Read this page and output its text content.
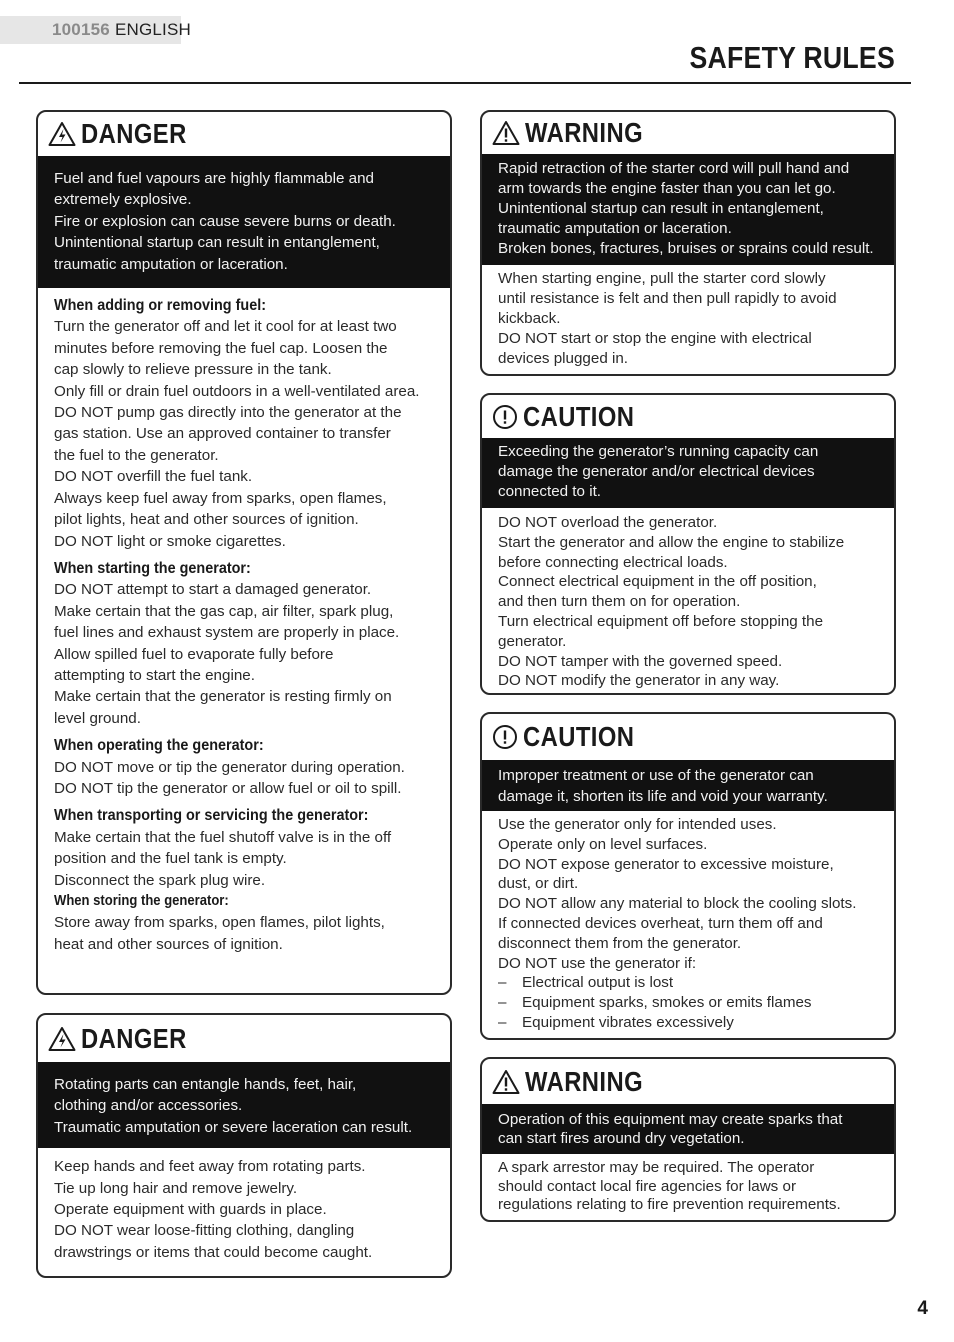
100156 ENGLISH
SAFETY RULES
DANGER

Fuel and fuel vapours are highly flammable and

extremely explosive.

Fire or explosion can cause severe burns or death.

Unintentional startup can result in entanglement,

traumatic amputation or laceration.

When adding or removing fuel:

Turn the generator off and let it cool for at least two

minutes before removing the fuel cap. Loosen the

cap slowly to relieve pressure in the tank.

Only fill or drain fuel outdoors in a well-ventilated area.

DO NOT pump gas directly into the generator at the

gas station. Use an approved container to transfer

the fuel to the generator.

DO NOT overfill the fuel tank.

Always keep fuel away from sparks, open flames,

pilot lights, heat and other sources of ignition.

DO NOT light or smoke cigarettes.

When starting the generator:

DO NOT attempt to start a damaged generator.

Make certain that the gas cap, air filter, spark plug,

fuel lines and exhaust system are properly in place.

Allow spilled fuel to evaporate fully before

attempting to start the engine.

Make certain that the generator is resting firmly on

level ground.

When operating the generator:

DO NOT move or tip the generator during operation.

DO NOT tip the generator or allow fuel or oil to spill.

When transporting or servicing the generator:

Make certain that the fuel shutoff valve is in the off

position and the fuel tank is empty.

Disconnect the spark plug wire.

When storing the generator:

Store away from sparks, open flames, pilot lights,

heat and other sources of ignition.

DANGER

Rotating parts can entangle hands, feet, hair,

clothing and/or accessories.

Traumatic amputation or severe laceration can result.

Keep hands and feet away from rotating parts.

Tie up long hair and remove jewelry.

Operate equipment with guards in place.

DO NOT wear loose-fitting clothing, dangling

drawstrings or items that could become caught.

WARNING

Rapid retraction of the starter cord will pull hand and

arm towards the engine faster than you can let go.

Unintentional startup can result in entanglement,

traumatic amputation or laceration.

Broken bones, fractures, bruises or sprains could result.

When starting engine, pull the starter cord slowly

until resistance is felt and then pull rapidly to avoid

kickback.

DO NOT start or stop the engine with electrical

devices plugged in.

CAUTION

Exceeding the generator’s running capacity can

damage the generator and/or electrical devices

connected to it.

DO NOT overload the generator.

Start the generator and allow the engine to stabilize

before connecting electrical loads.

Connect electrical equipment in the off position,

and then turn them on for operation.

Turn electrical equipment off before stopping the

generator.

DO NOT tamper with the governed speed.

DO NOT modify the generator in any way.

CAUTION

Improper treatment or use of the generator can

damage it, shorten its life and void your warranty.

Use the generator only for intended uses.

Operate only on level surfaces.

DO NOT expose generator to excessive moisture,

dust, or dirt.

DO NOT allow any material to block the cooling slots.

If connected devices overheat, turn them off and

disconnect them from the generator.

DO NOT use the generator if:

– Electrical output is lost

– Equipment sparks, smokes or emits flames

– Equipment vibrates excessively

WARNING

Operation of this equipment may create sparks that

can start fires around dry vegetation.

A spark arrestor may be required. The operator

should contact local fire agencies for laws or

regulations relating to fire prevention requirements.

4
